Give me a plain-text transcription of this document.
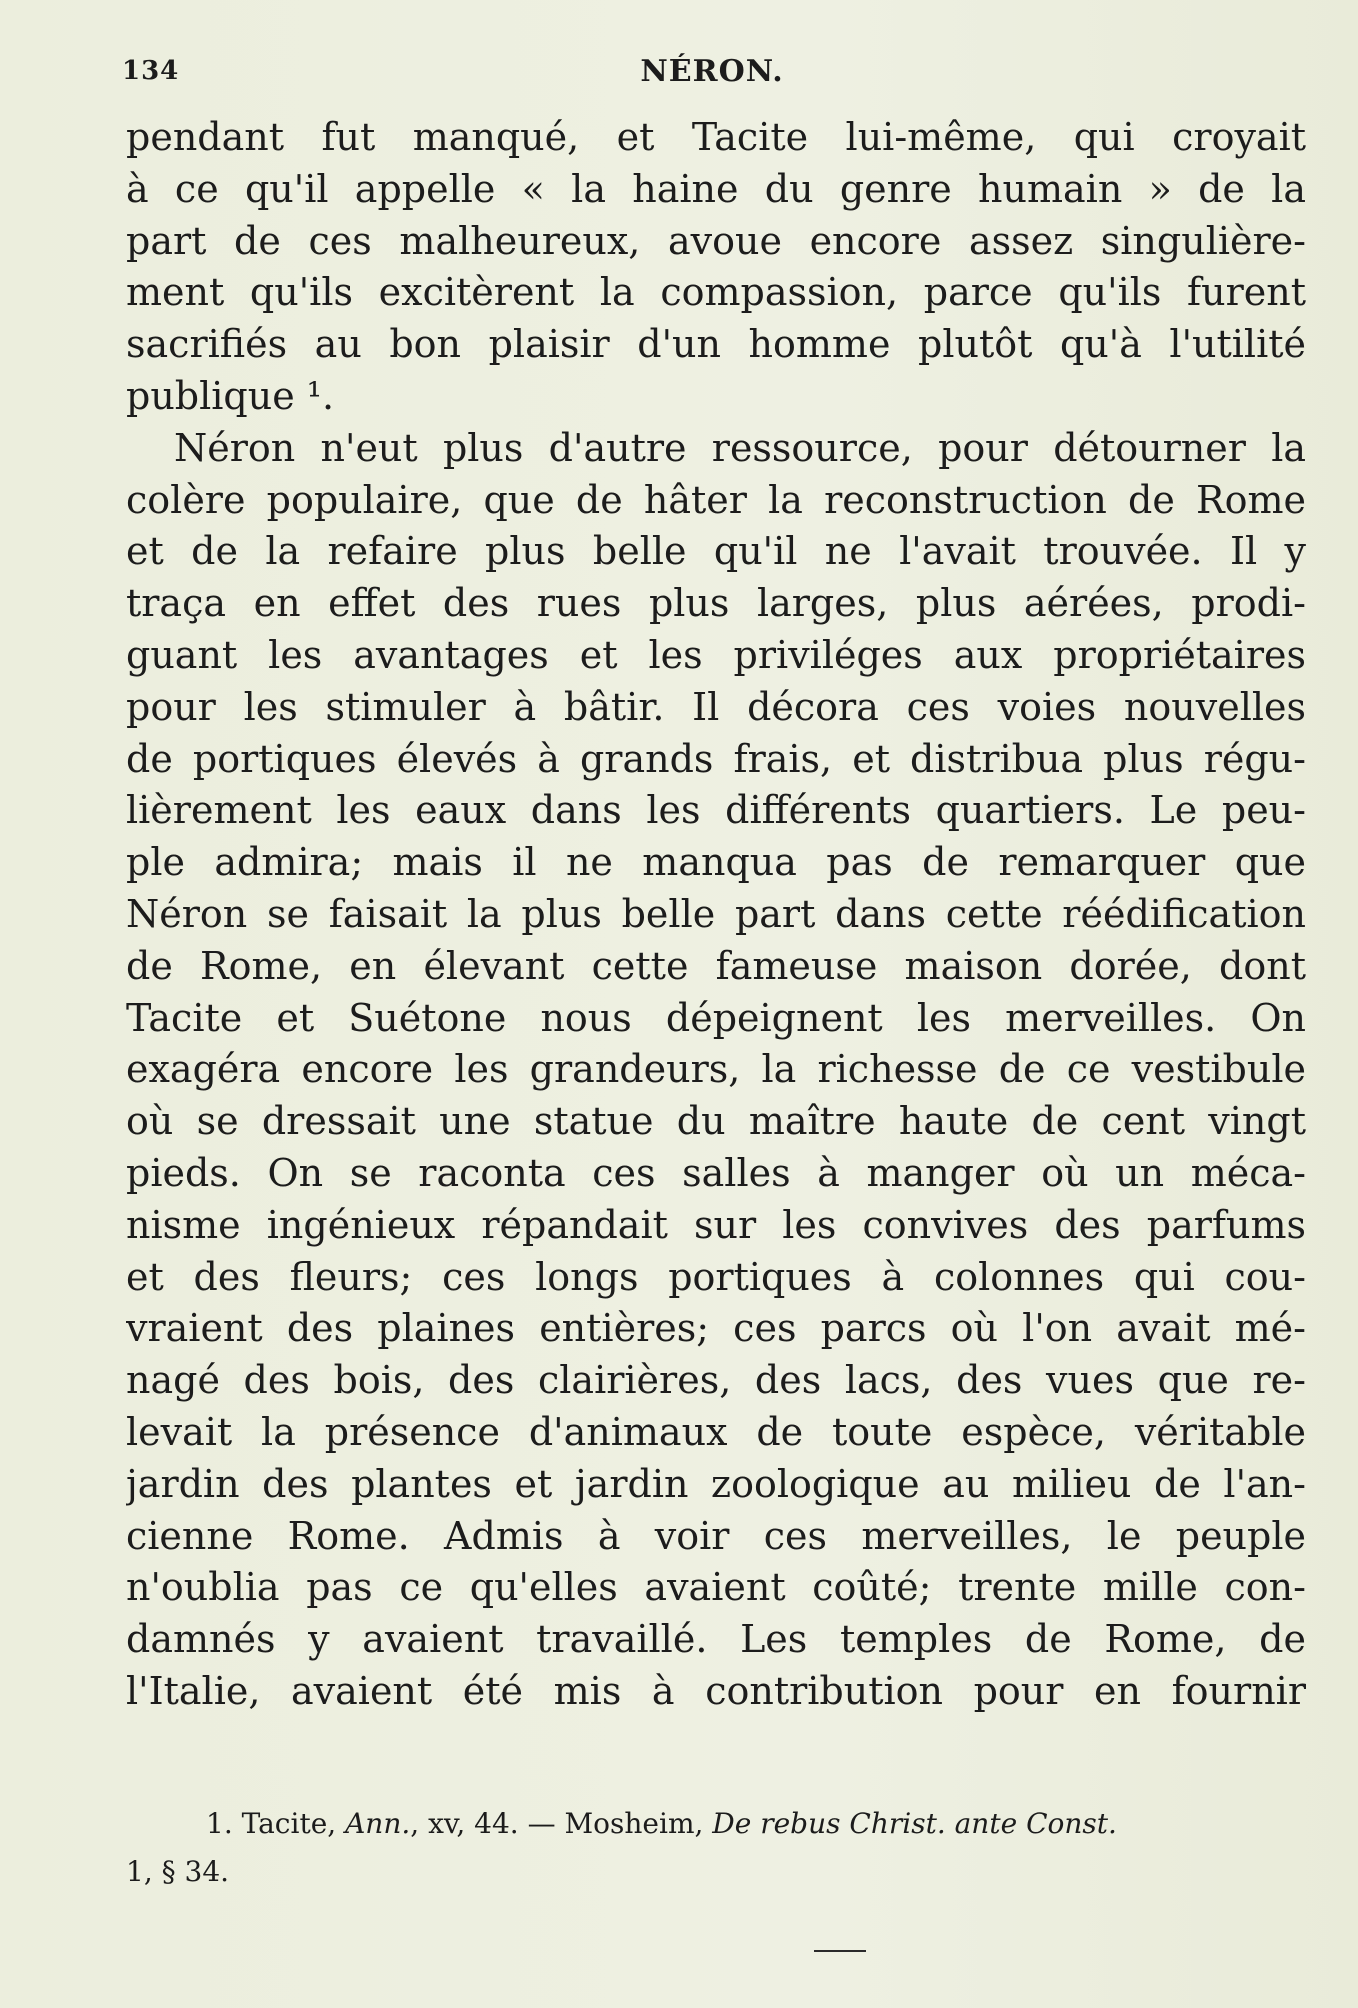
134	NÉRON.
pendant fut manqué, et Tacite lui-même, qui croyait
à ce qu'il appelle « la haine du genre humain » de la
part de ces malheureux, avoue encore assez singulière-
ment qu'ils excitèrent la compassion, parce qu'ils furent
sacrifiés au bon plaisir d'un homme plutôt qu'à l'utilité
publique ¹.
Néron n'eut plus d'autre ressource, pour détourner la
colère populaire, que de hâter la reconstruction de Rome
et de la refaire plus belle qu'il ne l'avait trouvée. Il y
traça en effet des rues plus larges, plus aérées, prodi-
guant les avantages et les priviléges aux propriétaires
pour les stimuler à bâtir. Il décora ces voies nouvelles
de portiques élevés à grands frais, et distribua plus régu-
lièrement les eaux dans les différents quartiers. Le peu-
ple admira; mais il ne manqua pas de remarquer que
Néron se faisait la plus belle part dans cette réédification
de Rome, en élevant cette fameuse maison dorée, dont
Tacite et Suétone nous dépeignent les merveilles. On
exagéra encore les grandeurs, la richesse de ce vestibule
où se dressait une statue du maître haute de cent vingt
pieds. On se raconta ces salles à manger où un méca-
nisme ingénieux répandait sur les convives des parfums
et des fleurs; ces longs portiques à colonnes qui cou-
vraient des plaines entières; ces parcs où l'on avait mé-
nagé des bois, des clairières, des lacs, des vues que re-
levait la présence d'animaux de toute espèce, véritable
jardin des plantes et jardin zoologique au milieu de l'an-
cienne Rome. Admis à voir ces merveilles, le peuple
n'oublia pas ce qu'elles avaient coûté; trente mille con-
damnés y avaient travaillé. Les temples de Rome, de
l'Italie, avaient été mis à contribution pour en fournir
1. Tacite, Ann., xv, 44. — Mosheim, De rebus Christ. ante Const.
1, § 34.
